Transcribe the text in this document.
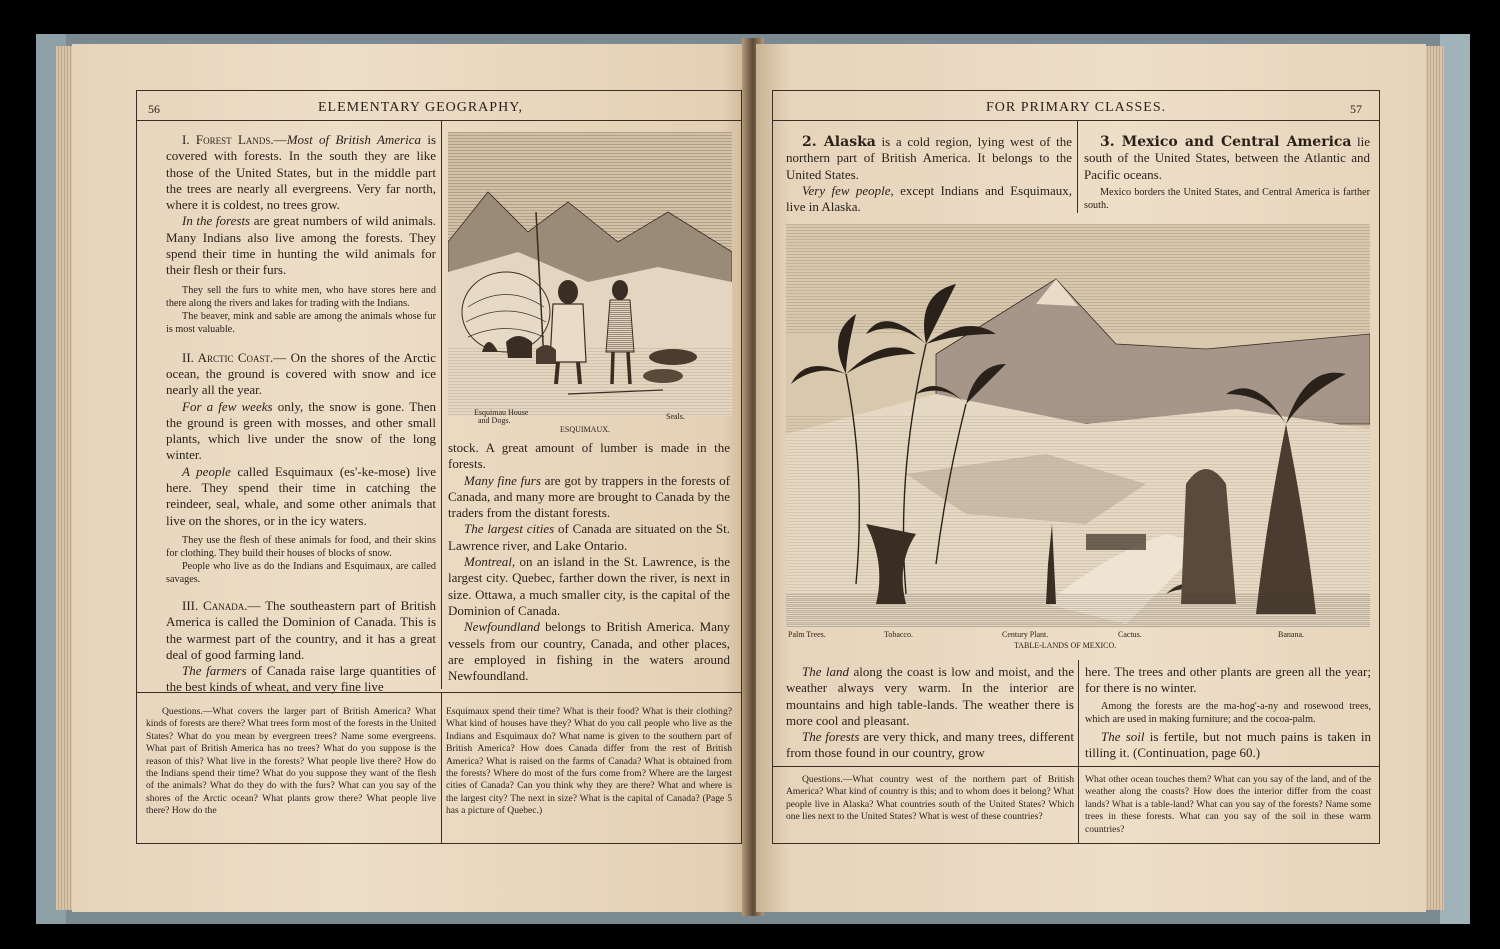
56	ELEMENTARY GEOGRAPHY,

I. Forest Lands.—Most of British America is covered with forests. In the south they are like those of the United States, but in the middle part the trees are nearly all evergreens. Very far north, where it is coldest, no trees grow.

In the forests are great numbers of wild animals. Many Indians also live among the forests. They spend their time in hunting the wild animals for their flesh or their furs.

They sell the furs to white men, who have stores here and there along the rivers and lakes for trading with the Indians.

The beaver, mink and sable are among the animals whose fur is most valuable.

II. Arctic Coast.— On the shores of the Arctic ocean, the ground is covered with snow and ice nearly all the year.

For a few weeks only, the snow is gone. Then the ground is green with mosses, and other small plants, which live under the snow of the long winter.

A people called Esquimaux (es'-ke-mose) live here. They spend their time in catching the reindeer, seal, whale, and some other animals that live on the shores, or in the icy waters.

They use the flesh of these animals for food, and their skins for clothing. They build their houses of blocks of snow.

People who live as do the Indians and Esquimaux, are called savages.

III. Canada.— The southeastern part of British America is called the Dominion of Canada. This is the warmest part of the country, and it has a great deal of good farming land.

The farmers of Canada raise large quantities of the best kinds of wheat, and very fine live

Esquimau House
and Dogs.	Seals.
ESQUIMAUX.

stock. A great amount of lumber is made in the forests.

Many fine furs are got by trappers in the forests of Canada, and many more are brought to Canada by the traders from the distant forests.

The largest cities of Canada are situated on the St. Lawrence river, and Lake Ontario.

Montreal, on an island in the St. Lawrence, is the largest city. Quebec, farther down the river, is next in size. Ottawa, a much smaller city, is the capital of the Dominion of Canada.

Newfoundland belongs to British America. Many vessels from our country, Canada, and other places, are employed in fishing in the waters around Newfoundland.

Questions.—What covers the larger part of British America? What kinds of forests are there? What trees form most of the forests in the United States? What do you mean by evergreen trees? Name some evergreens. What part of British America has no trees? What do you suppose is the reason of this? What live in the forests? What people live there? How do the Indians spend their time? What do you suppose they want of the flesh of the animals? What do they do with the furs? What can you say of the shores of the Arctic ocean? What plants grow there? What people live there? How do the
Esquimaux spend their time? What is their food? What is their clothing? What kind of houses have they? What do you call people who live as the Indians and Esquimaux do? What name is given to the southern part of British America? How does Canada differ from the rest of British America? What is raised on the farms of Canada? What is obtained from the forests? Where do most of the furs come from? Where are the largest cities of Canada? Can you think why they are there? What and where is the largest city? The next in size? What is the capital of Canada? (Page 5 has a picture of Quebec.)
FOR PRIMARY CLASSES.	57

2. Alaska is a cold region, lying west of the northern part of British America. It belongs to the United States.

Very few people, except Indians and Esquimaux, live in Alaska.

3. Mexico and Central America lie south of the United States, between the Atlantic and Pacific oceans.

Mexico borders the United States, and Central America is farther south.

Palm Trees.	Tobacco.	Century Plant.	Cactus.	Banana.
TABLE-LANDS OF MEXICO.

The land along the coast is low and moist, and the weather always very warm. In the interior are mountains and high table-lands. The weather there is more cool and pleasant.

The forests are very thick, and many trees, different from those found in our country, grow

here. The trees and other plants are green all the year; for there is no winter.

Among the forests are the ma-hog'-a-ny and rosewood trees, which are used in making furniture; and the cocoa-palm.

The soil is fertile, but not much pains is taken in tilling it. (Continuation, page 60.)

Questions.—What country west of the northern part of British America? What kind of country is this; and to whom does it belong? What people live in Alaska? What countries south of the United States? Which one lies next to the United States? What is west of these countries?
What other ocean touches them? What can you say of the land, and of the weather along the coasts? How does the interior differ from the coast lands? What is a table-land? What can you say of the forests? Name some trees in these forests. What can you say of the soil in these warm countries?
